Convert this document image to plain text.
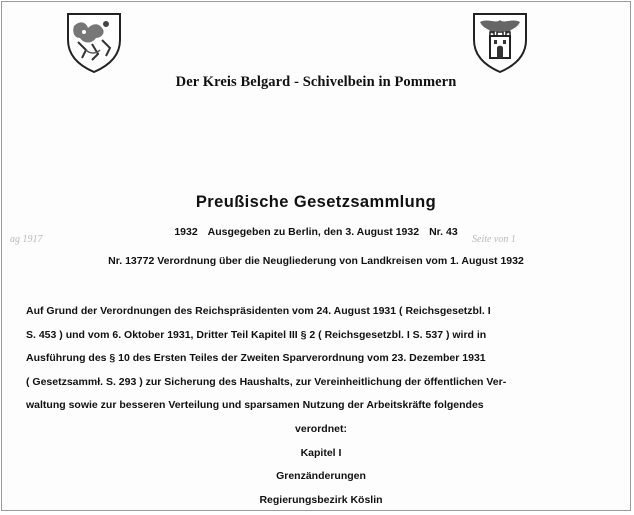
Der Kreis Belgard - Schivelbein in Pommern
Preußische Gesetzsammlung
ag 1917	Seite von 1
1932 Ausgegeben zu Berlin, den 3. August 1932 Nr. 43
Nr. 13772 Verordnung über die Neugliederung von Landkreisen vom 1. August 1932
Auf Grund der Verordnungen des Reichspräsidenten vom 24. August 1931 ( Reichsgesetzbl. I
S. 453 ) und vom 6. Oktober 1931, Dritter Teil Kapitel III § 2 ( Reichsgesetzbl. I S. 537 ) wird in
Ausführung des § 10 des Ersten Teiles der Zweiten Sparverordnung vom 23. Dezember 1931
( Gesetzsammł. S. 293 ) zur Sicherung des Haushalts, zur Vereinheitlichung der öffentlichen Ver-
waltung sowie zur besseren Verteilung und sparsamen Nutzung der Arbeitskräfte folgendes
verordnet:
Kapitel I
Grenzänderungen
Regierungsbezirk Köslin
